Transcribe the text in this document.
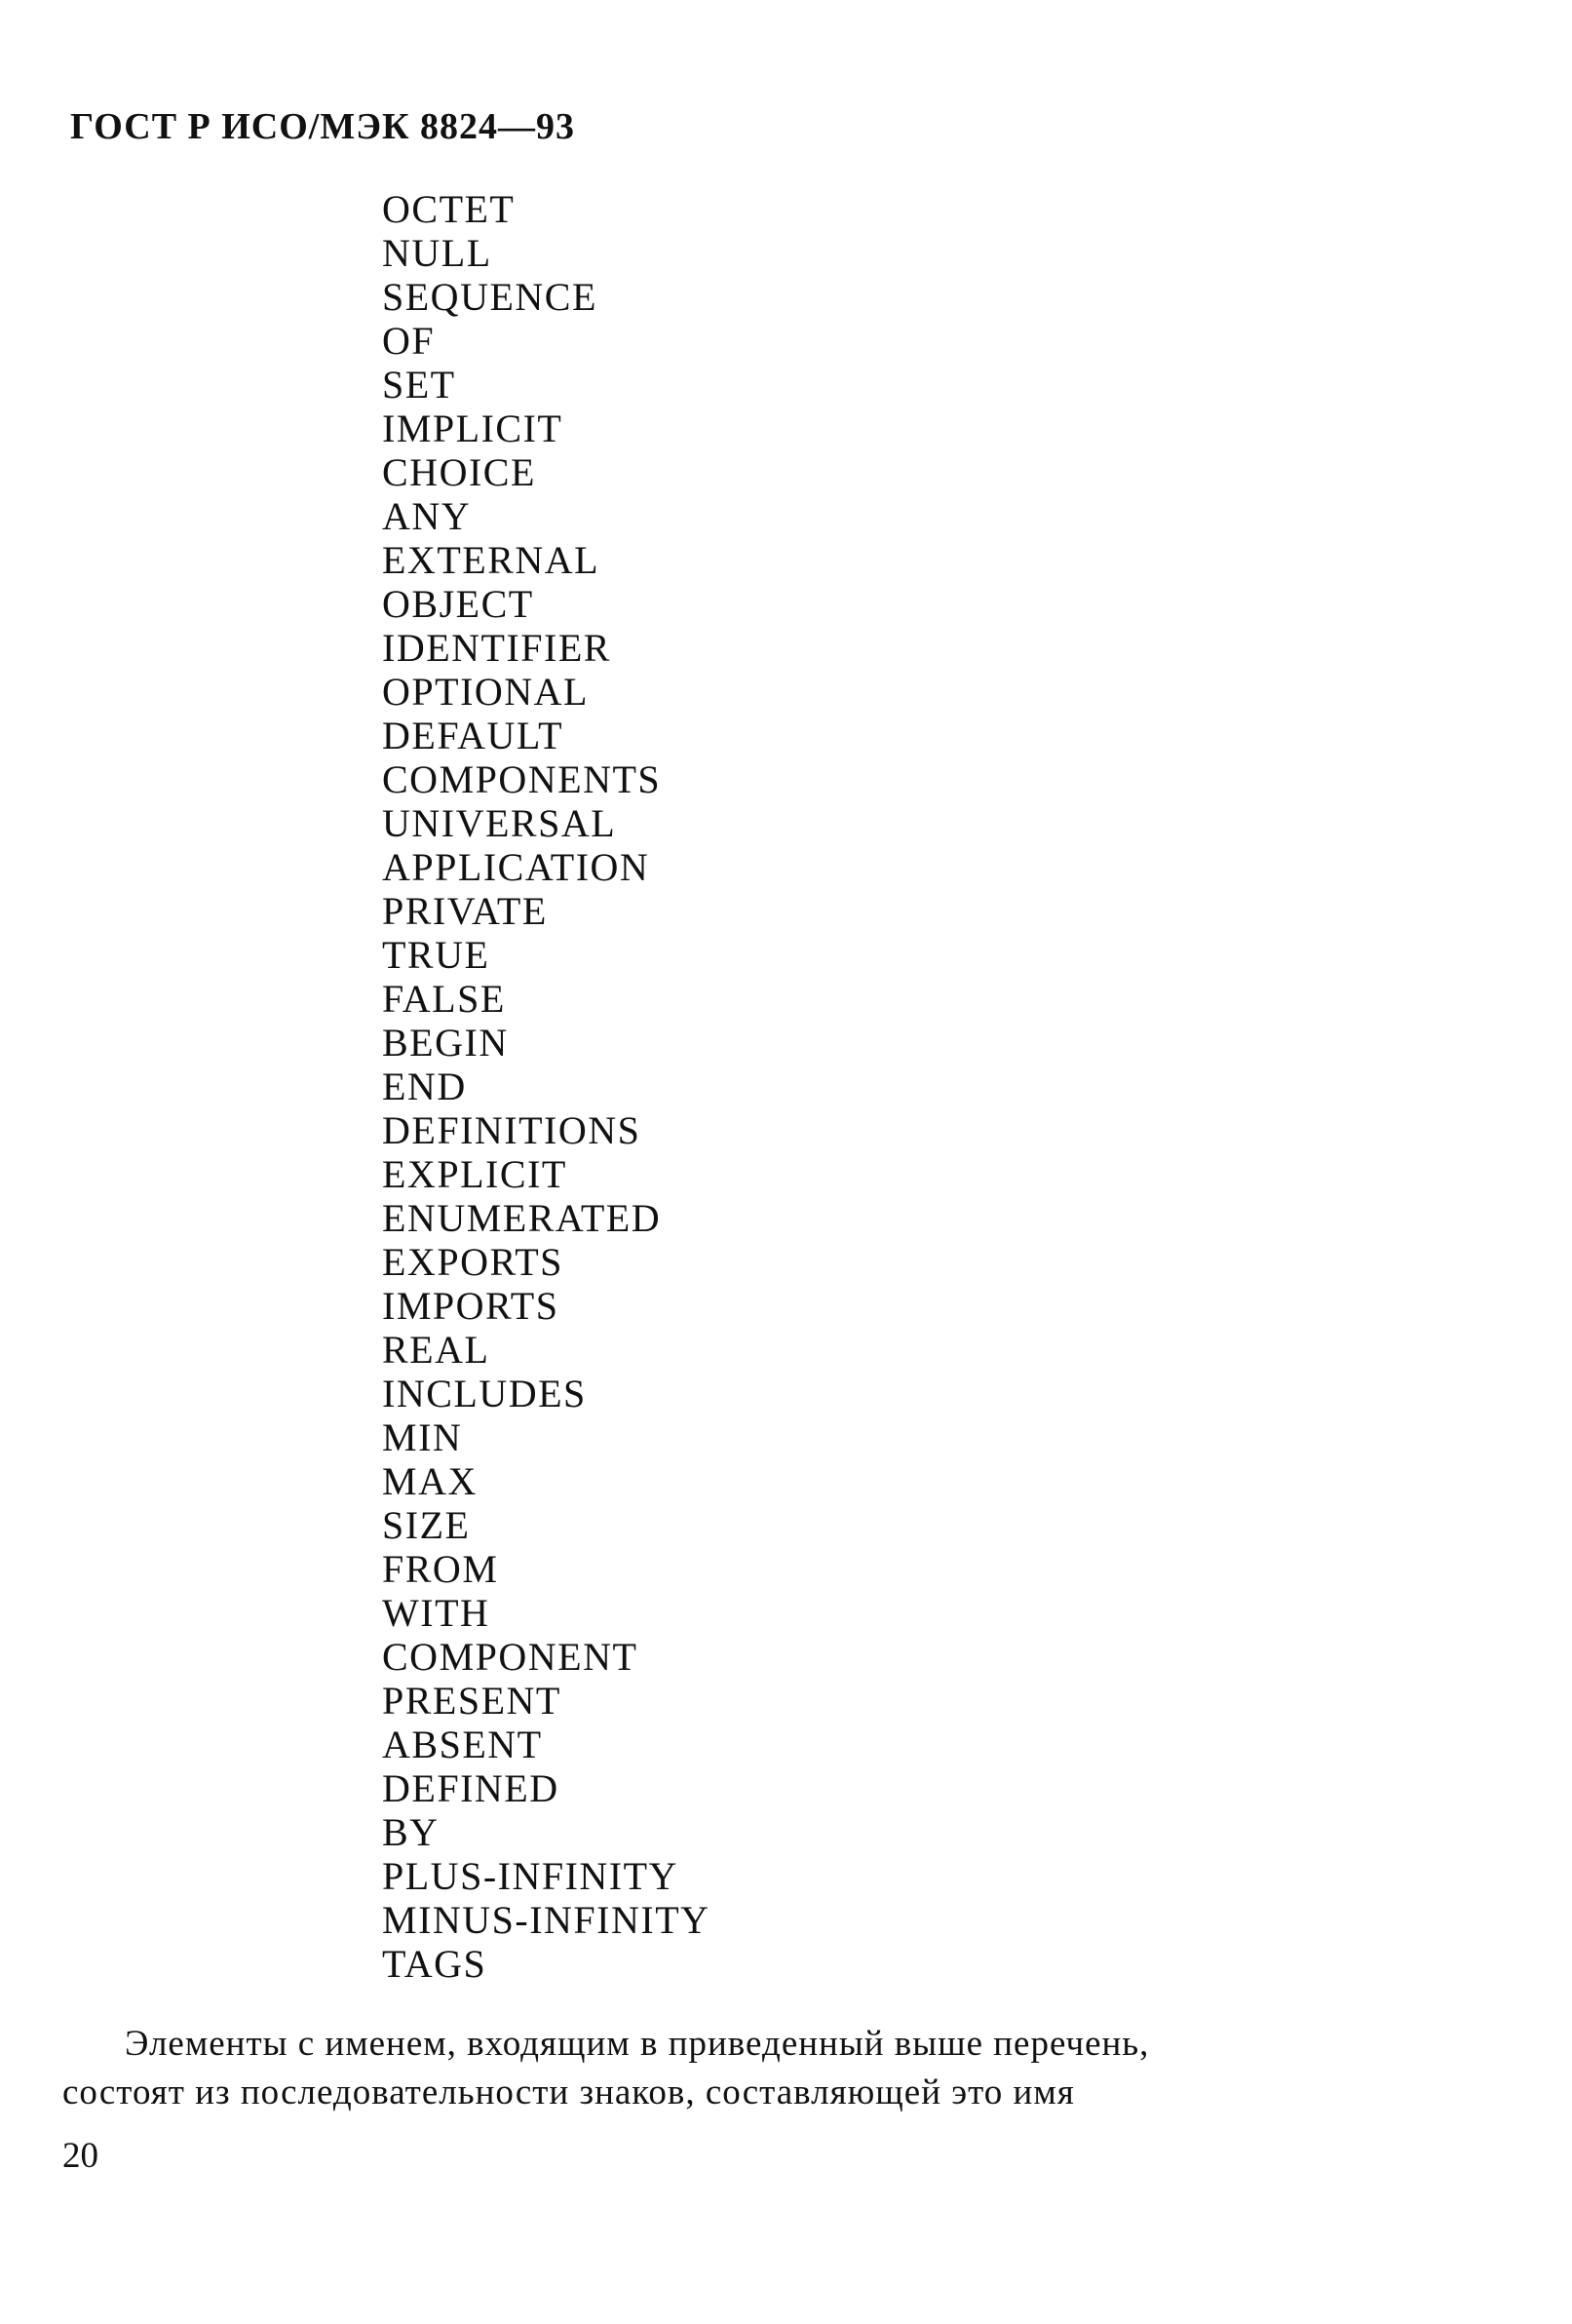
ГОСТ Р ИСО/МЭК 8824—93
OCTET
NULL
SEQUENCE
OF
SET
IMPLICIT
CHOICE
ANY
EXTERNAL
OBJECT
IDENTIFIER
OPTIONAL
DEFAULT
COMPONENTS
UNIVERSAL
APPLICATION
PRIVATE
TRUE
FALSE
BEGIN
END
DEFINITIONS
EXPLICIT
ENUMERATED
EXPORTS
IMPORTS
REAL
INCLUDES
MIN
MAX
SIZE
FROM
WITH
COMPONENT
PRESENT
ABSENT
DEFINED
BY
PLUS-INFINITY
MINUS-INFINITY
TAGS

Элементы с именем, входящим в приведенный выше перечень,
состоят из последовательности знаков, составляющей это имя

20
